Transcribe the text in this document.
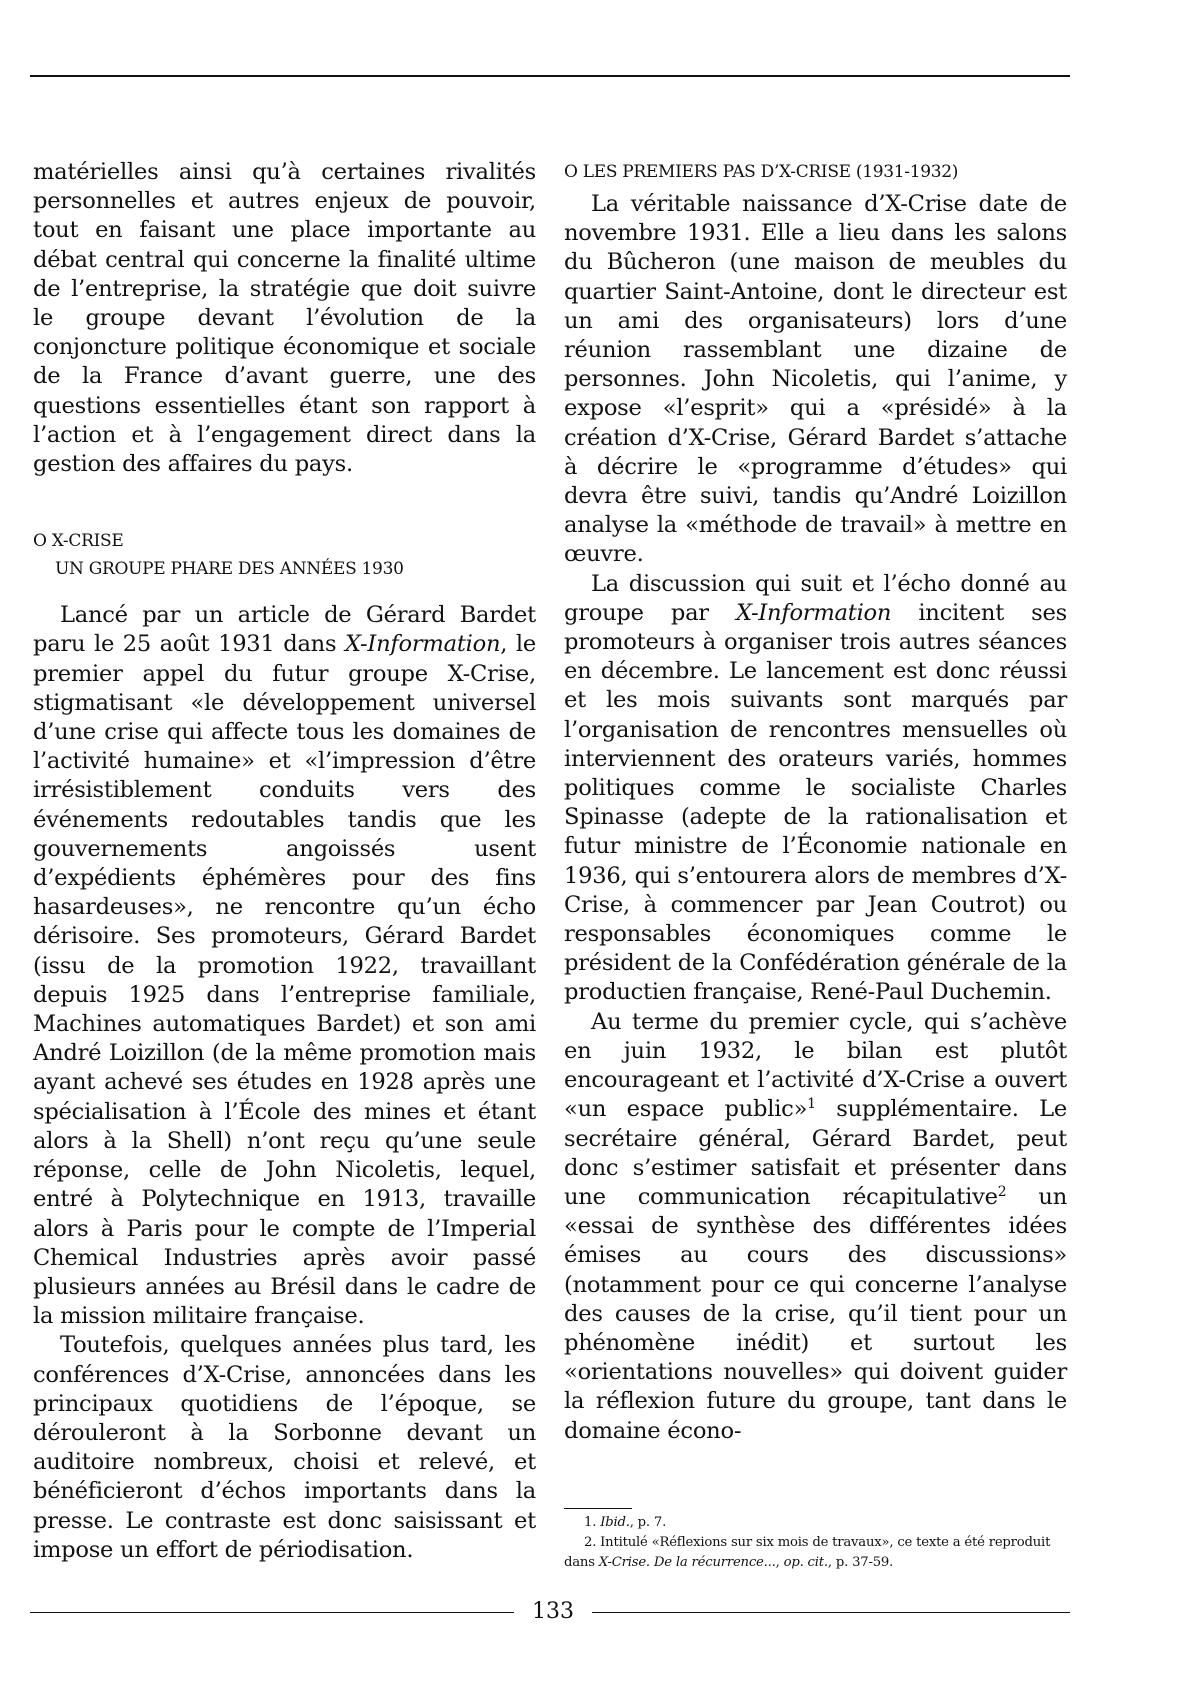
matérielles ainsi qu’à certaines rivalités personnelles et autres enjeux de pouvoir, tout en faisant une place importante au débat central qui concerne la finalité ultime de l’entreprise, la stratégie que doit suivre le groupe devant l’évolution de la conjoncture politique économique et sociale de la France d’avant guerre, une des questions essentielles étant son rapport à l’action et à l’engagement direct dans la gestion des affaires du pays.

O X-CRISE
UN GROUPE PHARE DES ANNÉES 1930

Lancé par un article de Gérard Bardet paru le 25 août 1931 dans X-Information, le premier appel du futur groupe X-Crise, stigmatisant «le développement universel d’une crise qui affecte tous les domaines de l’activité humaine» et «l’impression d’être irrésistiblement conduits vers des événements redoutables tandis que les gouvernements angoissés usent d’expédients éphémères pour des fins hasardeuses», ne rencontre qu’un écho dérisoire. Ses promoteurs, Gérard Bardet (issu de la promotion 1922, travaillant depuis 1925 dans l’entreprise familiale, Machines automatiques Bardet) et son ami André Loizillon (de la même promotion mais ayant achevé ses études en 1928 après une spécialisation à l’École des mines et étant alors à la Shell) n’ont reçu qu’une seule réponse, celle de John Nicoletis, lequel, entré à Polytechnique en 1913, travaille alors à Paris pour le compte de l’Imperial Chemical Industries après avoir passé plusieurs années au Brésil dans le cadre de la mission militaire française.

Toutefois, quelques années plus tard, les conférences d’X-Crise, annoncées dans les principaux quotidiens de l’époque, se dérouleront à la Sorbonne devant un auditoire nombreux, choisi et relevé, et bénéficieront d’échos importants dans la presse. Le contraste est donc saisissant et impose un effort de périodisation.

O LES PREMIERS PAS D’X-CRISE (1931-1932)

La véritable naissance d’X-Crise date de novembre 1931. Elle a lieu dans les salons du Bûcheron (une maison de meubles du quartier Saint-Antoine, dont le directeur est un ami des organisateurs) lors d’une réunion rassemblant une dizaine de personnes. John Nicoletis, qui l’anime, y expose «l’esprit» qui a «présidé» à la création d’X-Crise, Gérard Bardet s’attache à décrire le «programme d’études» qui devra être suivi, tandis qu’André Loizillon analyse la «méthode de travail» à mettre en œuvre.

La discussion qui suit et l’écho donné au groupe par X-Information incitent ses promoteurs à organiser trois autres séances en décembre. Le lancement est donc réussi et les mois suivants sont marqués par l’organisation de rencontres mensuelles où interviennent des orateurs variés, hommes politiques comme le socialiste Charles Spinasse (adepte de la rationalisation et futur ministre de l’Économie nationale en 1936, qui s’entourera alors de membres d’X-Crise, à commencer par Jean Coutrot) ou responsables économiques comme le président de la Confédération générale de la productien française, René-Paul Duchemin.

Au terme du premier cycle, qui s’achève en juin 1932, le bilan est plutôt encourageant et l’activité d’X-Crise a ouvert «un espace public»$^1$ supplémentaire. Le secrétaire général, Gérard Bardet, peut donc s’estimer satisfait et présenter dans une communication récapitulative$^2$ un «essai de synthèse des différentes idées émises au cours des discussions» (notamment pour ce qui concerne l’analyse des causes de la crise, qu’il tient pour un phénomène inédit) et surtout les «orientations nouvelles» qui doivent guider la réflexion future du groupe, tant dans le domaine écono-

1. Ibid., p. 7.

2. Intitulé «Réflexions sur six mois de travaux», ce texte a été reproduit dans X-Crise. De la récurrence..., op. cit., p. 37-59.

133
